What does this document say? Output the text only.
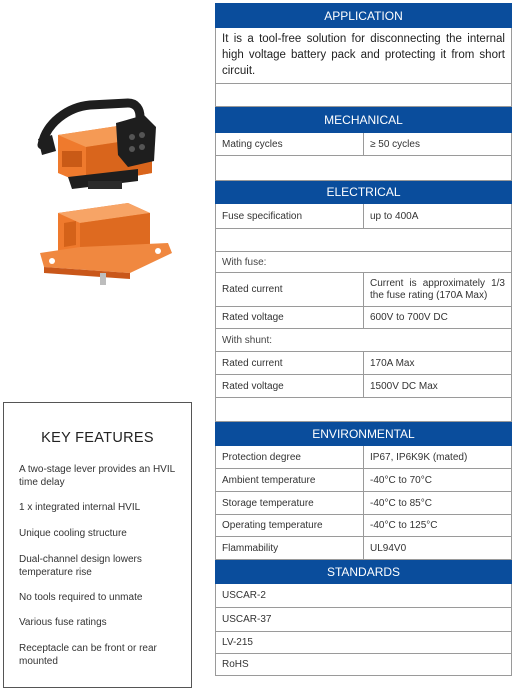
KEY FEATURES
A two-stage lever provides an HVIL time delay
1 x integrated internal HVIL
Unique cooling structure
Dual-channel design lowers temperature rise
No tools required to unmate
Various fuse ratings
Receptacle can be front or rear mounted
APPLICATION	
It is a tool-free solution for disconnecting the internal high voltage battery pack and protecting it from short circuit.	

MECHANICAL	
Mating cycles	≥ 50 cycles

ELECTRICAL	
Fuse specification	up to 400A

With fuse:	
Rated current	Current is approximately 1/3 the fuse rating (170A Max)
Rated voltage	600V to 700V DC
With shunt:	
Rated current	170A Max
Rated voltage	1500V DC Max

ENVIRONMENTAL	
Protection degree	IP67, IP6K9K (mated)
Ambient temperature	-40°C to 70°C
Storage temperature	-40°C to 85°C
Operating temperature	-40°C to 125°C
Flammability	UL94V0
STANDARDS	
USCAR-2	
USCAR-37	
LV-215	
RoHS	
